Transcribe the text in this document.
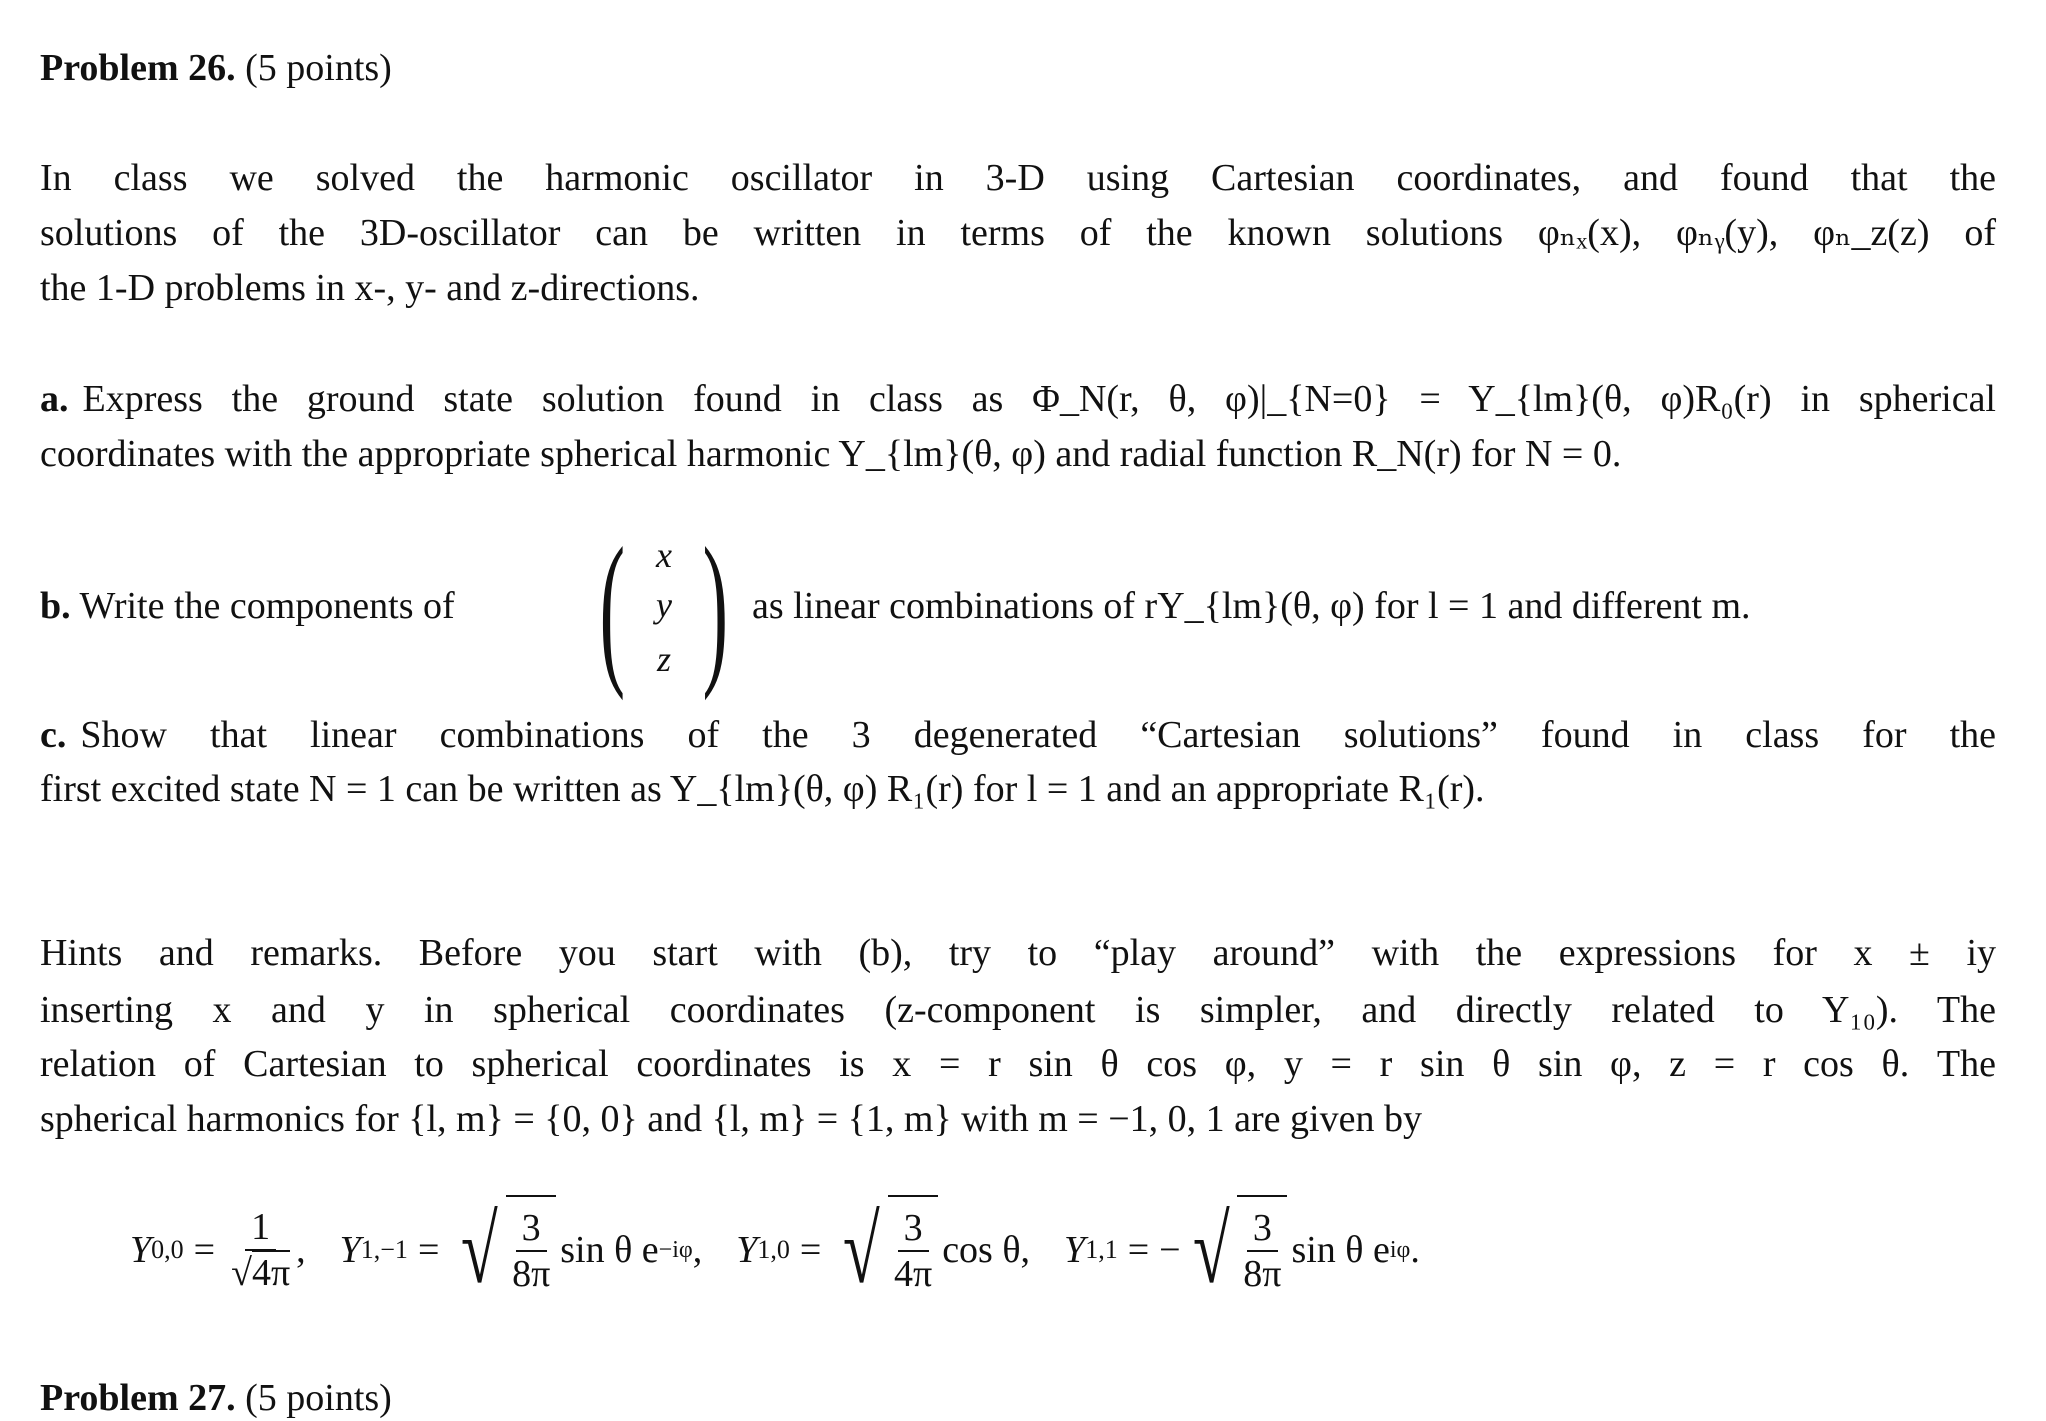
Problem 26. (5 points)
In class we solved the harmonic oscillator in 3-D using Cartesian coordinates, and found that the
solutions of the 3D-oscillator can be written in terms of the known solutions φₙₓ(x), φₙᵧ(y), φₙ_z(z) of
the 1-D problems in x-, y- and z-directions.
a. Express the ground state solution found in class as Φ_N(r, θ, φ)|_{N=0} = Y_{lm}(θ, φ)R₀(r) in spherical
coordinates with the appropriate spherical harmonic Y_{lm}(θ, φ) and radial function R_N(r) for N = 0.
b. Write the components of ( )
x
y
z
as linear combinations of rY_{lm}(θ, φ) for l = 1 and different m.
c. Show that linear combinations of the 3 degenerated “Cartesian solutions” found in class for the
first excited state N = 1 can be written as Y_{lm}(θ, φ) R₁(r) for l = 1 and an appropriate R₁(r).
Hints and remarks. Before you start with (b), try to “play around” with the expressions for x ± iy
inserting x and y in spherical coordinates (z-component is simpler, and directly related to Y₁₀). The
relation of Cartesian to spherical coordinates is x = r sin θ cos φ, y = r sin θ sin φ, z = r cos θ. The
spherical harmonics for {l, m} = {0, 0} and {l, m} = {1, m} with m = −1, 0, 1 are given by
Y $0,0 = \frac{1}{√4\pi}$ , Y 1,−1 = √ $\frac{3}{8\pi}$ sin θ e −iφ , Y 1,0 = √ $\frac{3}{4\pi}$ cos θ, Y 1,1 = − √ $\frac{3}{8\pi}$ sin θ e iφ .
Problem 27. (5 points)
